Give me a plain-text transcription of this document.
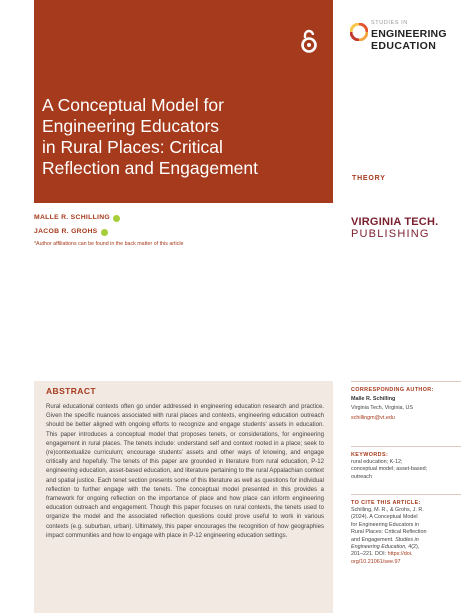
A Conceptual Model for
Engineering Educators
in Rural Places: Critical
Reflection and Engagement
STUDIES IN
ENGINEERING
EDUCATION
THEORY
VIRGINIA TECH.
PUBLISHING
MALLE R. SCHILLING
JACOB R. GROHS
*Author affiliations can be found in the back matter of this article
ABSTRACT

Rural educational contexts often go under addressed in engineering education research and practice. Given the specific nuances associated with rural places and contexts, engineering education outreach should be better aligned with ongoing efforts to recognize and engage students' assets in education. This paper introduces a conceptual model that proposes tenets, or considerations, for engineering engagement in rural places. The tenets include: understand self and context rooted in a place; seek to (re)contextualize curriculum; encourage students' assets and other ways of knowing, and engage critically and hopefully. The tenets of this paper are grounded in literature from rural education, P-12 engineering education, asset-based education, and literature pertaining to the rural Appalachian context and spatial justice. Each tenet section presents some of this literature as well as questions for individual reflection to further engage with the tenets. The conceptual model presented in this provides a framework for ongoing reflection on the importance of place and how place can inform engineering education outreach and engagement. Though this paper focuses on rural contexts, the tenets used to organize the model and the associated reflection questions could prove useful to work in various contexts (e.g. suburban, urban). Ultimately, this paper encourages the recognition of how geographies impact communities and how to engage with place in P-12 engineering education settings.

CORRESPONDING AUTHOR:
Malle R. Schilling
Virginia Tech, Virginia, US
schillingm@vt.edu
KEYWORDS:
rural education; K-12;
conceptual model; asset-based;
outreach
TO CITE THIS ARTICLE:
Schilling, M. R., & Grohs, J. R.
(2024). A Conceptual Model
for Engineering Educators in
Rural Places: Critical Reflection
and Engagement. Studies in
Engineering Education, 4(2),
201–221. DOI: https://doi.
org/10.21061/see.97
